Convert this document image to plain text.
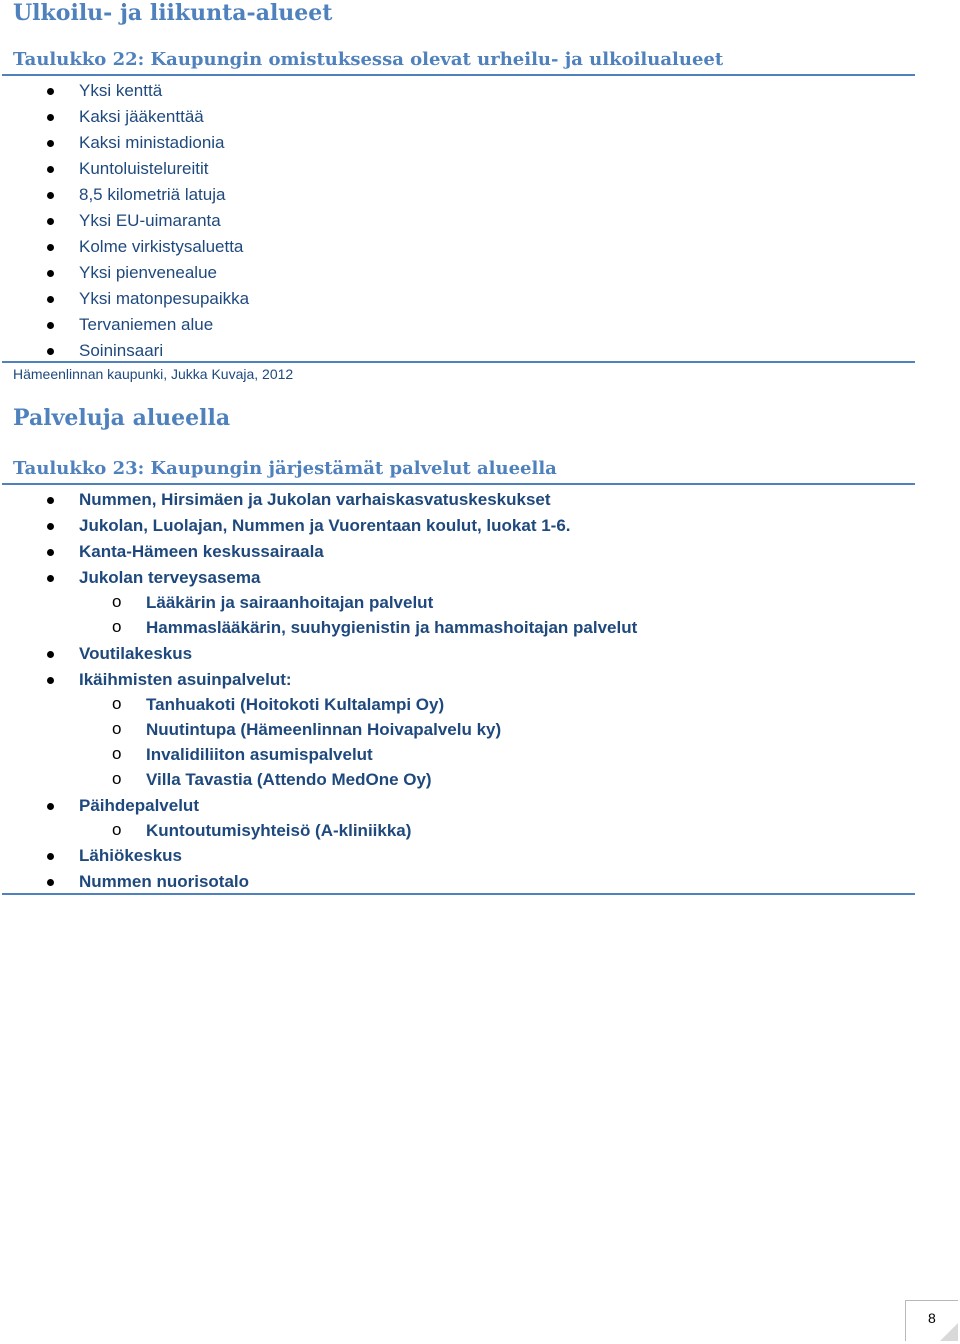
Ulkoilu- ja liikunta-alueet
Taulukko 22: Kaupungin omistuksessa olevat urheilu- ja ulkoilualueet
Yksi kenttä
Kaksi jääkenttää
Kaksi ministadionia
Kuntoluistelureitit
8,5 kilometriä latuja
Yksi EU-uimaranta
Kolme virkistysaluetta
Yksi pienvenealue
Yksi matonpesupaikka
Tervaniemen alue
Soininsaari
Hämeenlinnan kaupunki, Jukka Kuvaja, 2012
Palveluja alueella
Taulukko 23: Kaupungin järjestämät palvelut alueella
Nummen, Hirsimäen ja Jukolan varhaiskasvatuskeskukset
Jukolan, Luolajan, Nummen ja Vuorentaan koulut, luokat 1-6.
Kanta-Hämeen keskussairaala
Jukolan terveysasema
o Lääkärin ja sairaanhoitajan palvelut
o Hammaslääkärin, suuhygienistin ja hammashoitajan palvelut
Voutilakeskus
Ikäihmisten asuinpalvelut:
o Tanhuakoti (Hoitokoti Kultalampi Oy)
o Nuutintupa (Hämeenlinnan Hoivapalvelu ky)
o Invalidiliiton asumispalvelut
o Villa Tavastia (Attendo MedOne Oy)
Päihdepalvelut
o Kuntoutumisyhteisö (A-kliniikka)
Lähiökeskus
Nummen nuorisotalo
8
